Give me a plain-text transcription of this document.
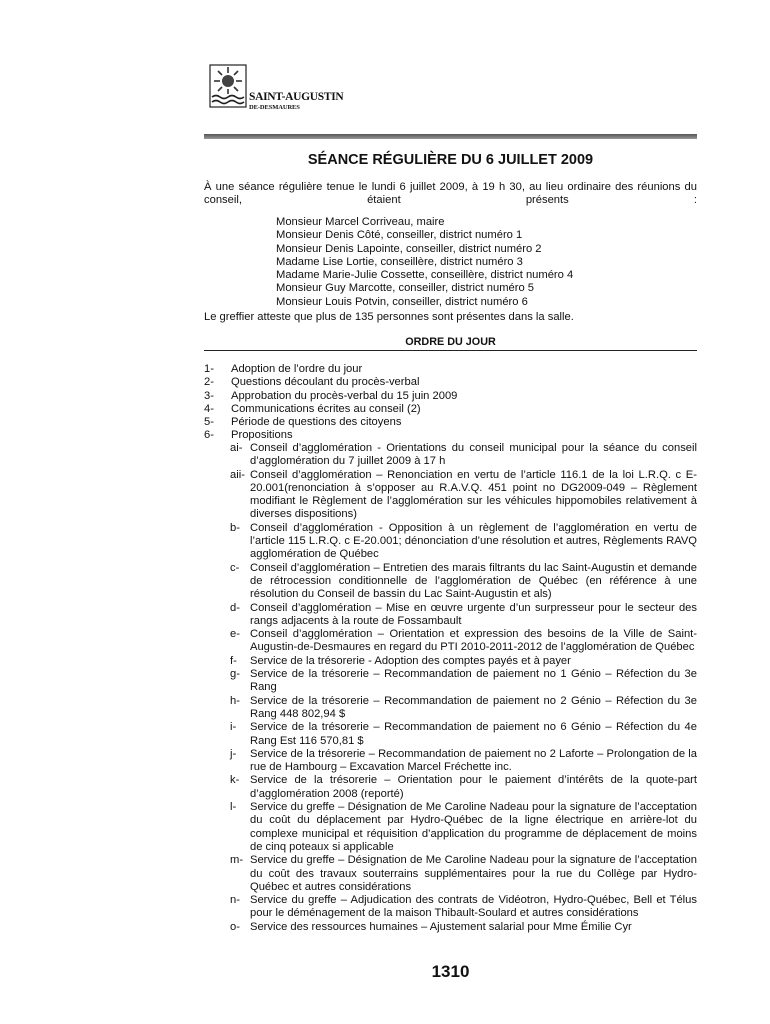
SAINT-AUGUSTIN
DE-DESMAURES
SÉANCE RÉGULIÈRE DU 6 JUILLET 2009
À une séance régulière tenue le lundi 6 juillet 2009, à 19 h 30, au lieu ordinaire des réunions du conseil, étaient présents :
Monsieur Marcel Corriveau, maire
Monsieur Denis Côté, conseiller, district numéro 1
Monsieur Denis Lapointe, conseiller, district numéro 2
Madame Lise Lortie, conseillère, district numéro 3
Madame Marie-Julie Cossette, conseillère, district numéro 4
Monsieur Guy Marcotte, conseiller, district numéro 5
Monsieur Louis Potvin, conseiller, district numéro 6
Le greffier atteste que plus de 135 personnes sont présentes dans la salle.
ORDRE DU JOUR
1- Adoption de l’ordre du jour
2- Questions découlant du procès-verbal
3- Approbation du procès-verbal du 15 juin 2009
4- Communications écrites au conseil (2)
5- Période de questions des citoyens
6- Propositions
ai- Conseil d’agglomération - Orientations du conseil municipal pour la séance du conseil d’agglomération du 7 juillet 2009 à 17 h
aii- Conseil d’agglomération – Renonciation en vertu de l’article 116.1 de la loi L.R.Q. c E-20.001(renonciation à s’opposer au R.A.V.Q. 451 point no DG2009-049 – Règlement modifiant le Règlement de l’agglomération sur les véhicules hippomobiles relativement à diverses dispositions)
b- Conseil d’agglomération - Opposition à un règlement de l’agglomération en vertu de l’article 115 L.R.Q. c E-20.001; dénonciation d’une résolution et autres, Règlements RAVQ agglomération de Québec
c- Conseil d’agglomération – Entretien des marais filtrants du lac Saint-Augustin et demande de rétrocession conditionnelle de l’agglomération de Québec (en référence à une résolution du Conseil de bassin du Lac Saint-Augustin et als)
d- Conseil d’agglomération – Mise en œuvre urgente d’un surpresseur pour le secteur des rangs adjacents à la route de Fossambault
e- Conseil d’agglomération – Orientation et expression des besoins de la Ville de Saint-Augustin-de-Desmaures en regard du PTI 2010-2011-2012 de l’agglomération de Québec
f- Service de la trésorerie - Adoption des comptes payés et à payer
g- Service de la trésorerie – Recommandation de paiement no 1 Génio – Réfection du 3e Rang
h- Service de la trésorerie – Recommandation de paiement no 2 Génio – Réfection du 3e Rang 448 802,94 $
i- Service de la trésorerie – Recommandation de paiement no 6 Génio – Réfection du 4e Rang Est 116 570,81 $
j- Service de la trésorerie – Recommandation de paiement no 2 Laforte – Prolongation de la rue de Hambourg – Excavation Marcel Fréchette inc.
k- Service de la trésorerie – Orientation pour le paiement d’intérêts de la quote-part d’agglomération 2008 (reporté)
l- Service du greffe – Désignation de Me Caroline Nadeau pour la signature de l’acceptation du coût du déplacement par Hydro-Québec de la ligne électrique en arrière-lot du complexe municipal et réquisition d’application du programme de déplacement de moins de cinq poteaux si applicable
m- Service du greffe – Désignation de Me Caroline Nadeau pour la signature de l’acceptation du coût des travaux souterrains supplémentaires pour la rue du Collège par Hydro-Québec et autres considérations
n- Service du greffe – Adjudication des contrats de Vidéotron, Hydro-Québec, Bell et Télus pour le déménagement de la maison Thibault-Soulard et autres considérations
o- Service des ressources humaines – Ajustement salarial pour Mme Émilie Cyr
1310
